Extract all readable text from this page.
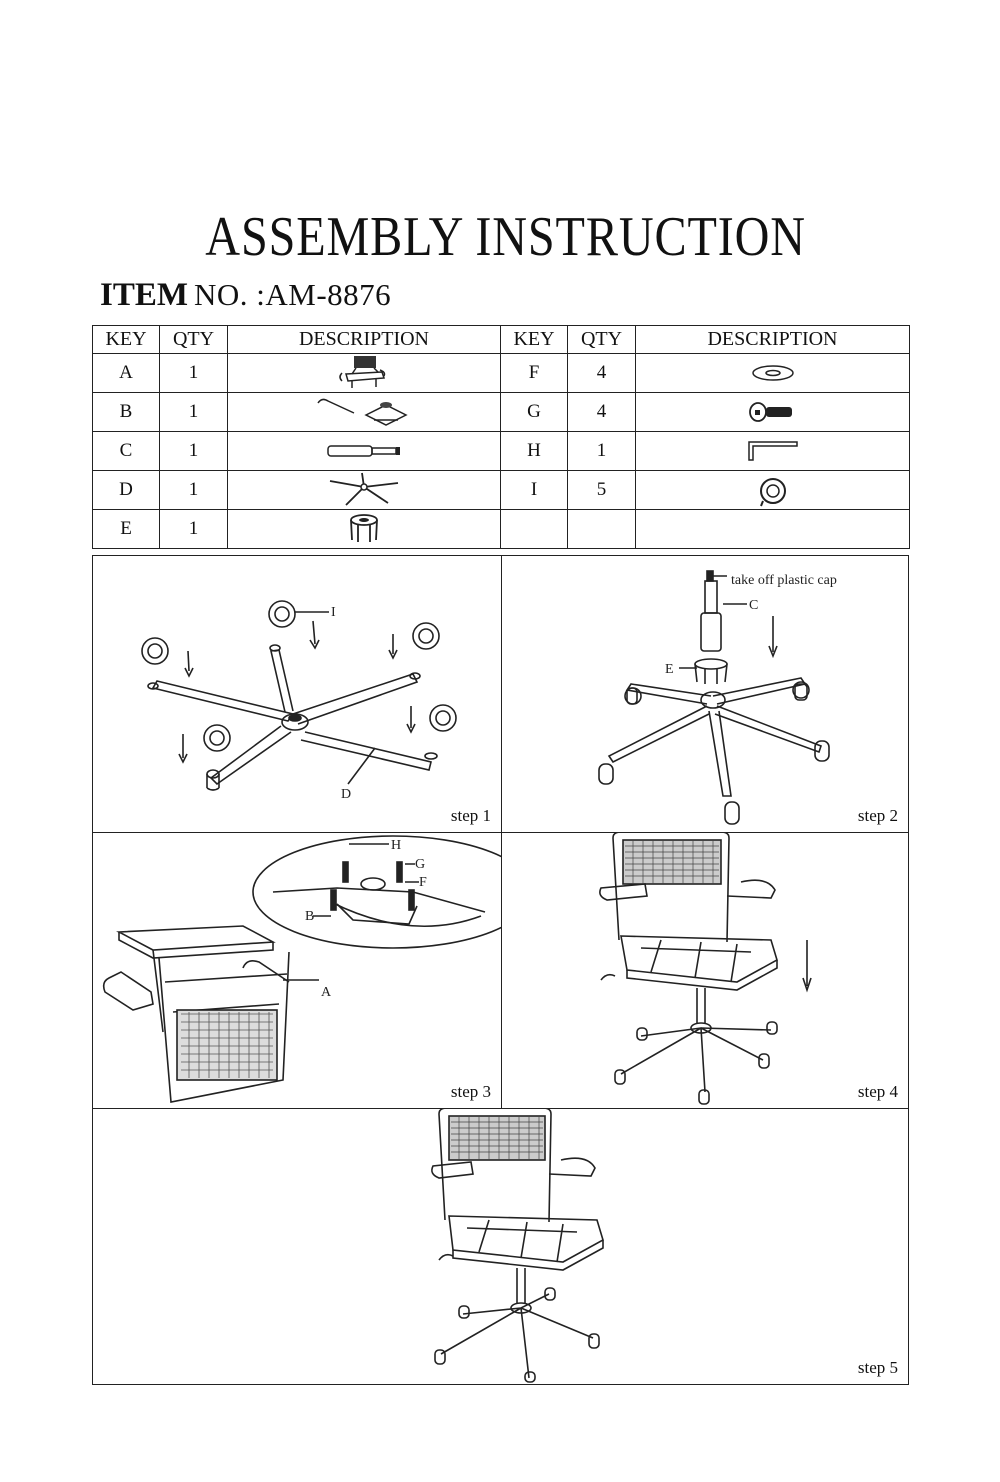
ASSEMBLY INSTRUCTION
ITEM NO. :AM-8876
KEY	QTY	DESCRIPTION	KEY	QTY	DESCRIPTION
A	1		F	4	

B	1		G	4	

C	1		H	1	

D	1		I	5	

E	1	

I
D
step 1
take off plastic cap
C
E
step 2
H
G
F
B
A
step 3	step 4
step 5
